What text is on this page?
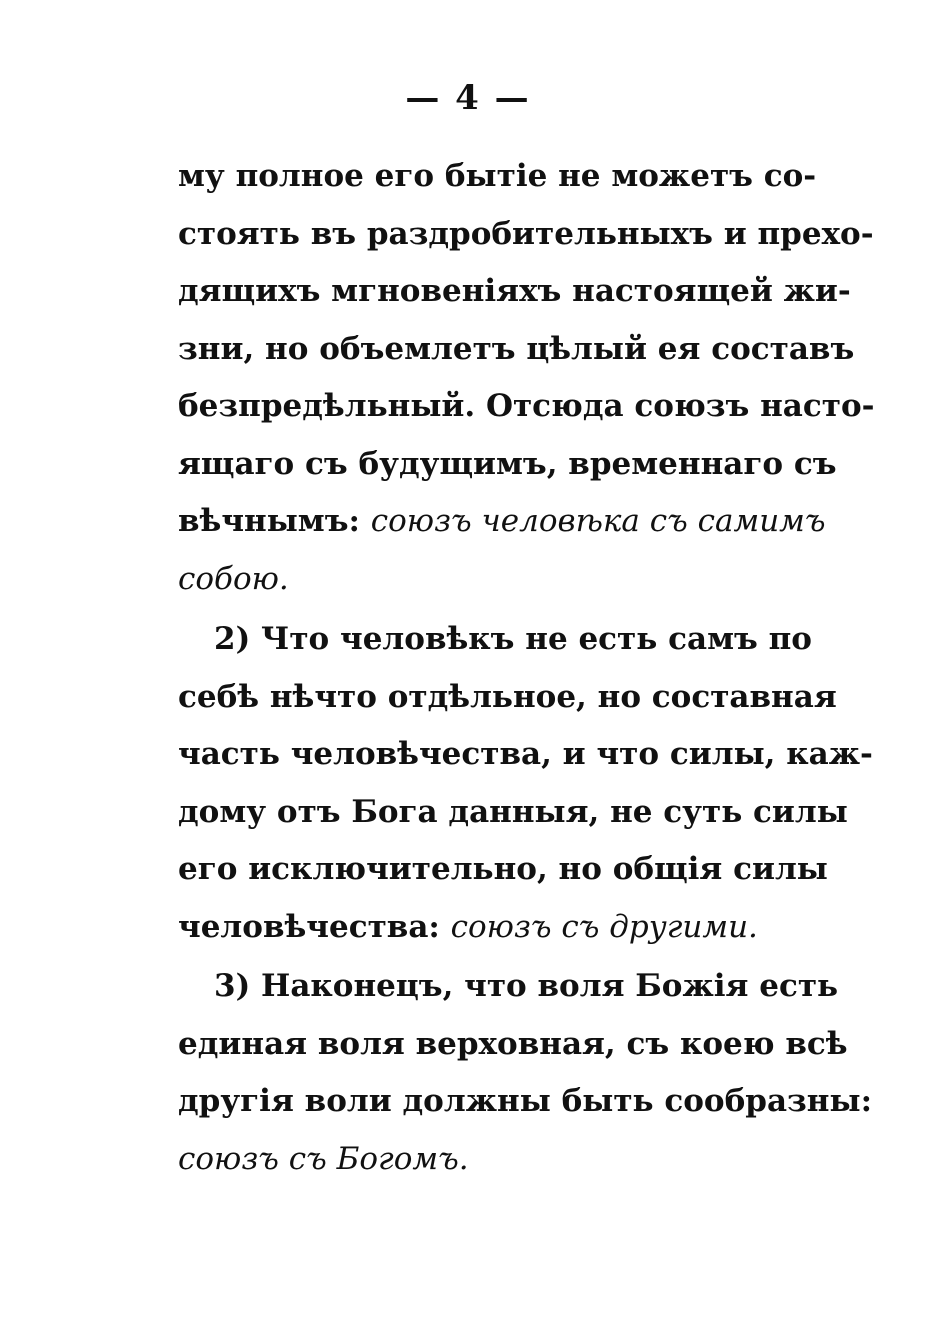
— 4 —
му полное его бытіе не можетъ со-
стоять въ раздробительныхъ и прехо-
дящихъ мгновеніяхъ настоящей жи-
зни, но объемлетъ цѣлый ея составъ
безпредѣльный. Отсюда союзъ насто-
ящаго съ будущимъ, временнаго съ
вѣчнымъ: союзъ человѣка съ самимъ
собою.
2) Что человѣкъ не есть самъ по
себѣ нѣчто отдѣльное, но составная
часть человѣчества, и что силы, каж-
дому отъ Бога данныя, не суть силы
его исключительно, но общія силы
человѣчества: союзъ съ другими.
3) Наконецъ, что воля Божія есть
единая воля верховная, съ коею всѣ
другія воли должны быть сообразны:
союзъ съ Богомъ.
